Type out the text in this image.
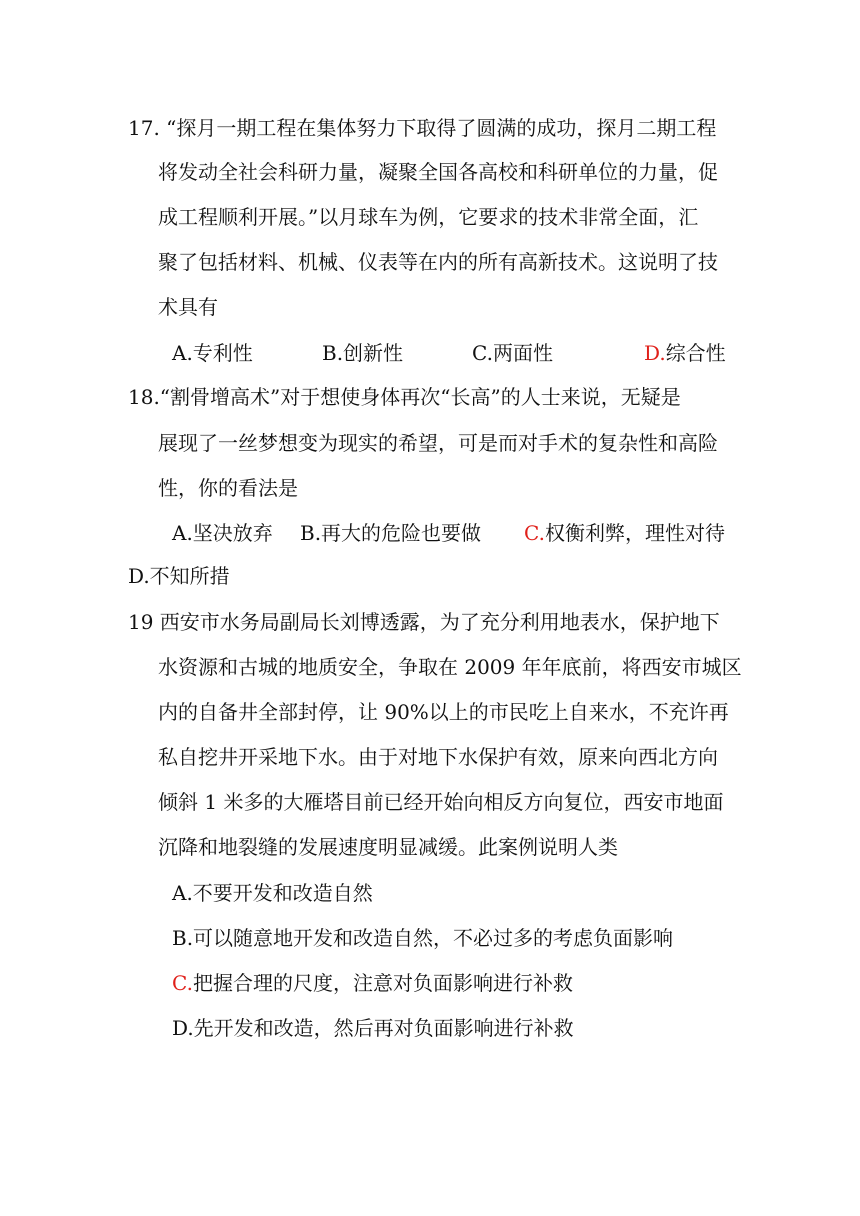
17. “探月一期工程在集体努力下取得了圆满的成功，探月二期工程
将发动全社会科研力量，凝聚全国各高校和科研单位的力量，促
成工程顺利开展。”以月球车为例，它要求的技术非常全面，汇
聚了包括材料、机械、仪表等在内的所有高新技术。这说明了技
术具有
A.专利性	B.创新性	C.两面性	D.综合性
18.“割骨增高术”对于想使身体再次“长高”的人士来说，无疑是
展现了一丝梦想变为现实的希望，可是而对手术的复杂性和高险
性，你的看法是
A.坚决放弃 B.再大的危险也要做 C.权衡利弊，理性对待
D.不知所措
19 西安市水务局副局长刘博透露，为了充分利用地表水，保护地下
水资源和古城的地质安全，争取在 2009 年年底前，将西安市城区
内的自备井全部封停，让 90%以上的市民吃上自来水，不充许再
私自挖井开采地下水。由于对地下水保护有效，原来向西北方向
倾斜 1 米多的大雁塔目前已经开始向相反方向复位，西安市地面
沉降和地裂缝的发展速度明显减缓。此案例说明人类
A.不要开发和改造自然
B.可以随意地开发和改造自然，不必过多的考虑负面影响
C.把握合理的尺度，注意对负面影响进行补救
D.先开发和改造，然后再对负面影响进行补救
